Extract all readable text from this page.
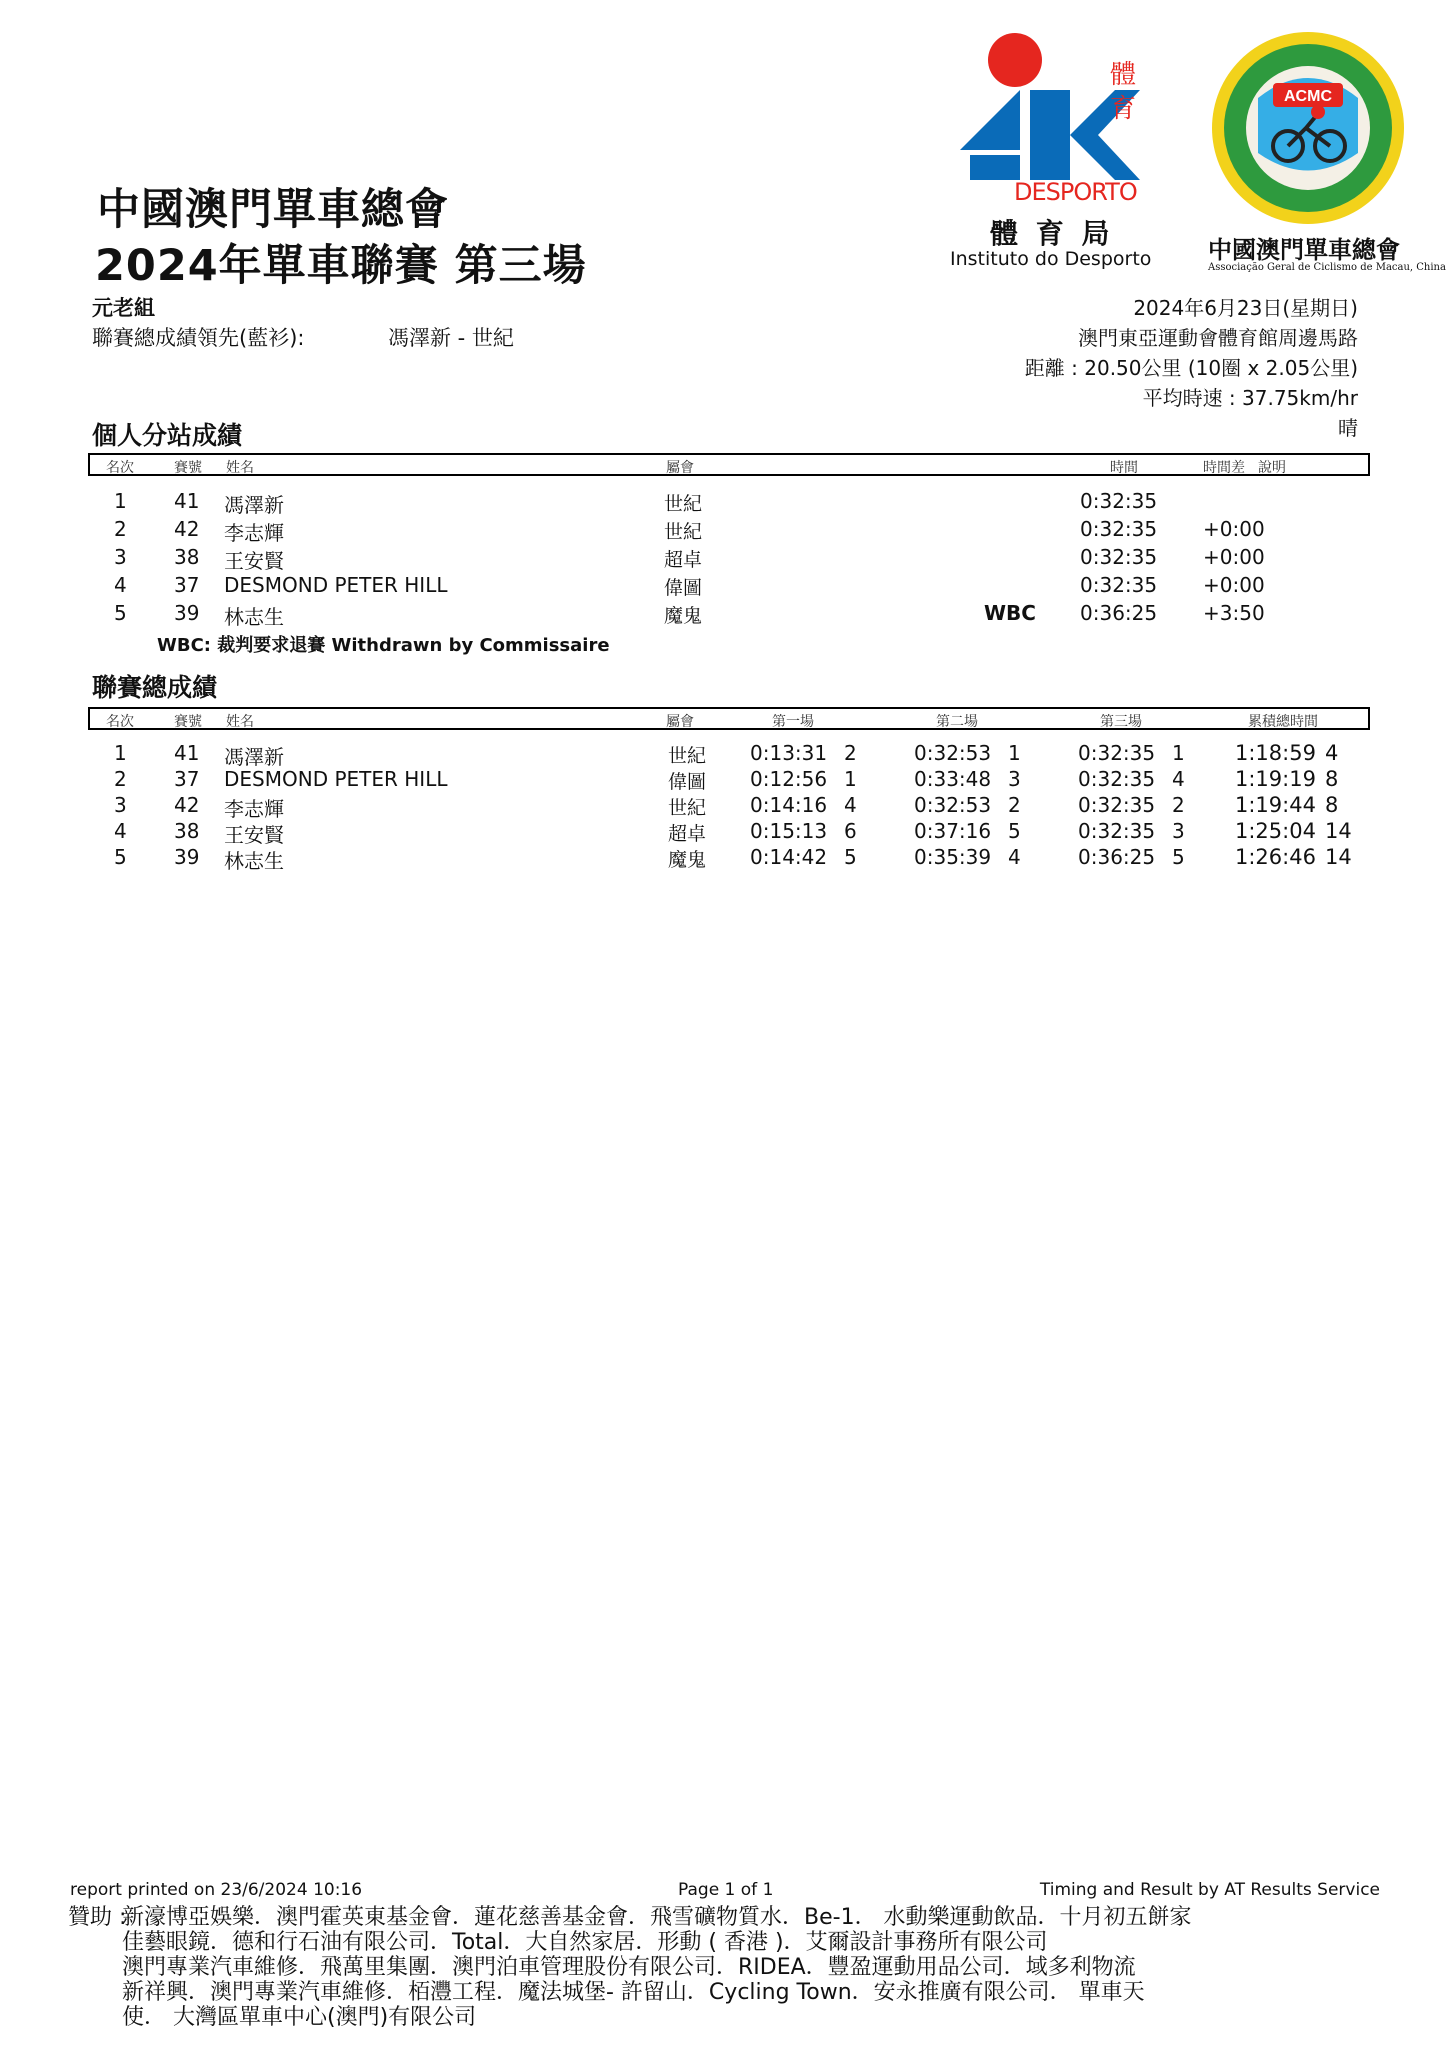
中國澳門單車總會
2024年單車聯賽 第三場
元老組
聯賽總成績領先(藍衫):	馮澤新 - 世紀
體
育
DESPORTO
體 育 局
Instituto do Desporto
ACMC
中國澳門單車總會
Associação Geral de Ciclismo de Macau, China
2024年6月23日(星期日)
澳門東亞運動會體育館周邊馬路
距離 : 20.50公里 (10圈 x 2.05公里)
平均時速 : 37.75km/hr
晴
個人分站成績
名次	賽號 姓名	屬會	時間	時間差 說明
1 41 馮澤新	世紀	0:32:35
2 42 李志輝	世紀	0:32:35 +0:00
3 38 王安賢	超卓	0:32:35 +0:00
4 37 DESMOND PETER HILL	偉圖	0:32:35 +0:00
5 39 林志生	魔鬼	WBC 0:36:25 +3:50
WBC: 裁判要求退賽 Withdrawn by Commissaire
聯賽總成績
名次	賽號 姓名	屬會	第一場	第二場	第三場	累積總時間
1 41 馮澤新	世紀 0:13:31 2	0:32:53 1	0:32:35 1 1:18:59 4
2 37 DESMOND PETER HILL	偉圖 0:12:56 1	0:33:48 3	0:32:35 4 1:19:19 8
3 42 李志輝	世紀 0:14:16 4	0:32:53 2	0:32:35 2 1:19:44 8
4 38 王安賢	超卓 0:15:13 6	0:37:16 5	0:32:35 3 1:25:04 14
5 39 林志生	魔鬼 0:14:42 5	0:35:39 4	0:36:25 5 1:26:46 14
report printed on 23/6/2024 10:16	Page 1 of 1	Timing and Result by AT Results Service
贊助 :
新濠博亞娛樂．澳門霍英東基金會．蓮花慈善基金會．飛雪礦物質水．Be-1． 水動樂運動飲品．十月初五餅家
佳藝眼鏡．德和行石油有限公司．Total．大自然家居．形動 ( 香港 )．艾爾設計事務所有限公司
澳門專業汽車維修．飛萬里集團．澳門泊車管理股份有限公司．RIDEA．豐盈運動用品公司．域多利物流
新祥興．澳門專業汽車維修．栢灃工程．魔法城堡- 許留山．Cycling Town．安永推廣有限公司． 單車天
使． 大灣區單車中心(澳門)有限公司
